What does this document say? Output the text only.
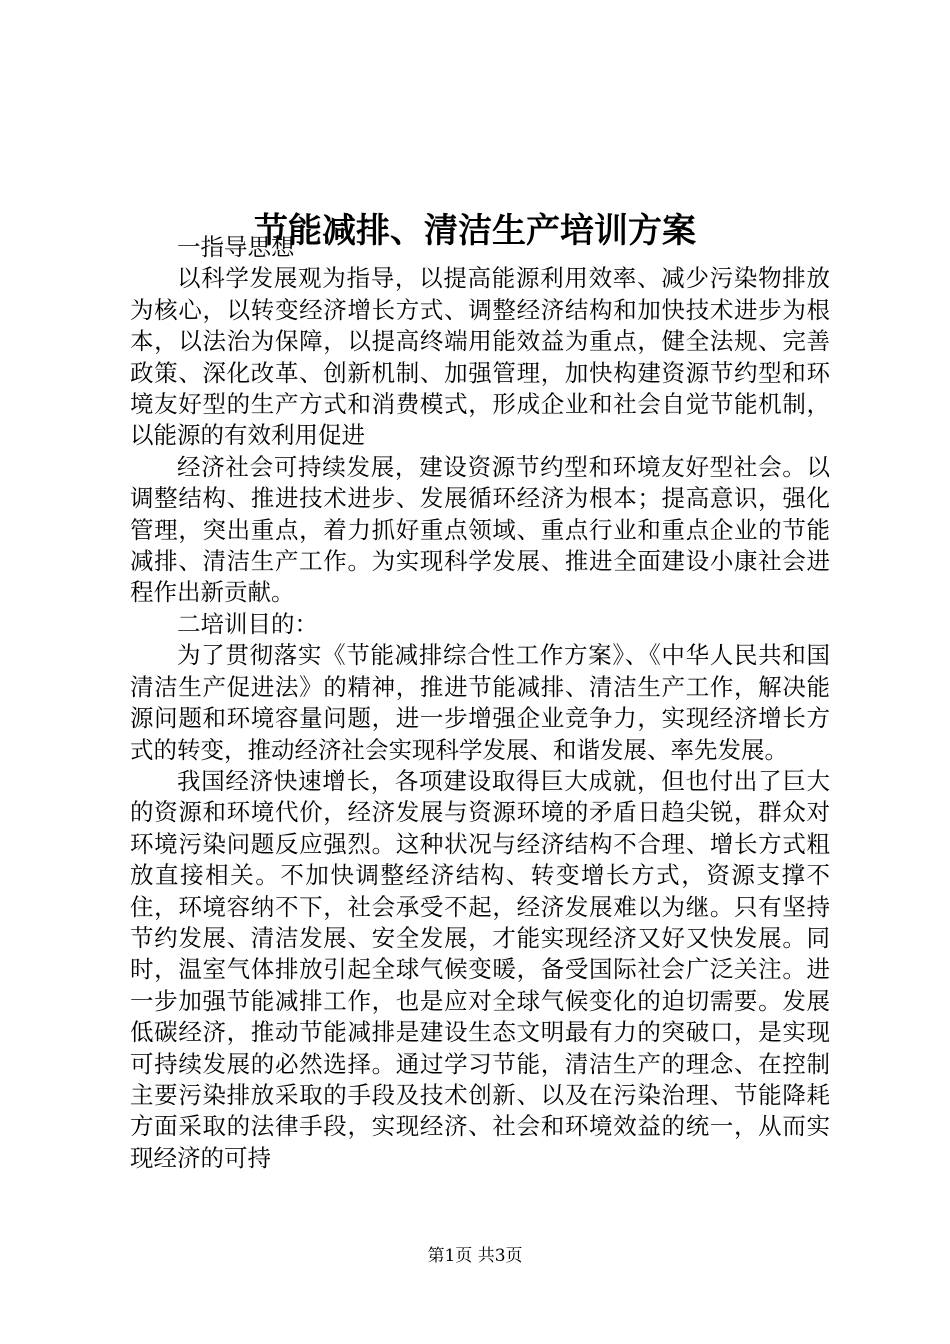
节能减排、清洁生产培训方案
一指导思想

以科学发展观为指导，以提高能源利用效率、减少污染物排放为核心，以转变经济增长方式、调整经济结构和加快技术进步为根本，以法治为保障，以提高终端用能效益为重点，健全法规、完善政策、深化改革、创新机制、加强管理，加快构建资源节约型和环境友好型的生产方式和消费模式，形成企业和社会自觉节能机制，以能源的有效利用促进

经济社会可持续发展，建设资源节约型和环境友好型社会。以调整结构、推进技术进步、发展循环经济为根本；提高意识，强化管理，突出重点，着力抓好重点领域、重点行业和重点企业的节能减排、清洁生产工作。为实现科学发展、推进全面建设小康社会进程作出新贡献。

二培训目的：

为了贯彻落实《节能减排综合性工作方案》、《中华人民共和国清洁生产促进法》的精神，推进节能减排、清洁生产工作，解决能源问题和环境容量问题，进一步增强企业竞争力，实现经济增长方式的转变，推动经济社会实现科学发展、和谐发展、率先发展。

我国经济快速增长，各项建设取得巨大成就，但也付出了巨大的资源和环境代价，经济发展与资源环境的矛盾日趋尖锐，群众对环境污染问题反应强烈。这种状况与经济结构不合理、增长方式粗放直接相关。不加快调整经济结构、转变增长方式，资源支撑不住，环境容纳不下，社会承受不起，经济发展难以为继。只有坚持节约发展、清洁发展、安全发展，才能实现经济又好又快发展。同时，温室气体排放引起全球气候变暖，备受国际社会广泛关注。进一步加强节能减排工作，也是应对全球气候变化的迫切需要。发展低碳经济，推动节能减排是建设生态文明最有力的突破口，是实现可持续发展的必然选择。通过学习节能，清洁生产的理念、在控制主要污染排放采取的手段及技术创新、以及在污染治理、节能降耗方面采取的法律手段，实现经济、社会和环境效益的统一，从而实现经济的可持

第1页 共3页
